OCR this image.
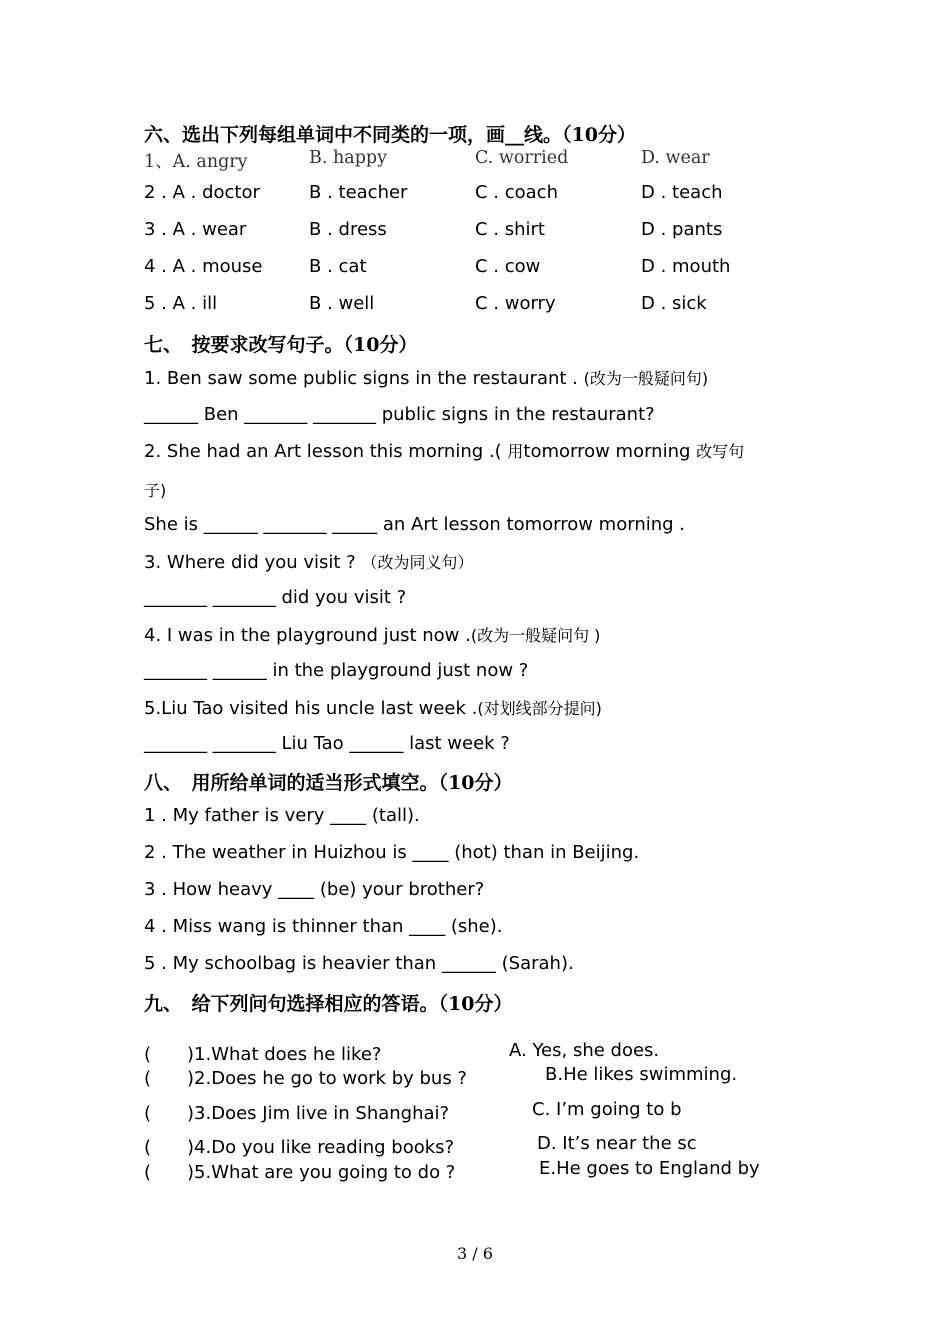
六、选出下列每组单词中不同类的一项，画__线。（10分）
1、A. angry	B. happy	C. worried	D. wear
2 . A . doctor	B . teacher	C . coach	D . teach
3 . A . wear	B . dress	C . shirt	D . pants
4 . A . mouse	B . cat	C . cow	D . mouth
5 . A . ill	B . well	C . worry	D . sick
七、　按要求改写句子。（10分）
1. Ben saw some public signs in the restaurant . (改为一般疑问句)
______ Ben _______ _______ public signs in the restaurant?
2. She had an Art lesson this morning .( 用tomorrow morning 改写句
子)
She is ______ _______ _____ an Art lesson tomorrow morning .
3. Where did you visit ? （改为同义句）
_______ _______ did you visit ?
4. I was in the playground just now .(改为一般疑问句 )
_______ ______ in the playground just now ?
5.Liu Tao visited his uncle last week .(对划线部分提问)
_______ _______ Liu Tao ______ last week ?
八、　用所给单词的适当形式填空。（10分）
1 . My father is very ____ (tall).
2 . The weather in Huizhou is ____ (hot) than in Beijing.
3 . How heavy ____ (be) your brother?
4 . Miss wang is thinner than ____ (she).
5 . My schoolbag is heavier than ______ (Sarah).
九、　给下列问句选择相应的答语。（10分）
(　　)1.What does he like?	A. Yes, she does.
(　　)2.Does he go to work by bus ?	B.He likes swimming.
(　　)3.Does Jim live in Shanghai?	C. I’m going to b
(　　)4.Do you like reading books?	D. It’s near the sc
(　　)5.What are you going to do ?	E.He goes to England by
3 / 6
